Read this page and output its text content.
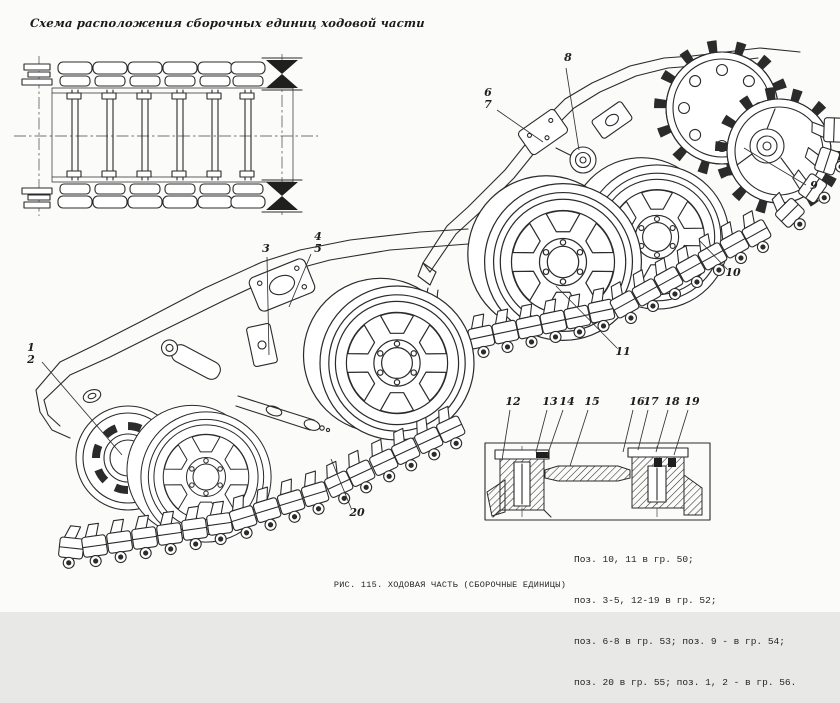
1
2
3
4
5
6
7
8
9
10
11
12 13 14 15	16
17 18 19
20
Схема расположения сборочных единиц ходовой части

Поз. 10, 11 в гр. 50;

поз. 3-5, 12-19 в гр. 52;

поз. 6-8 в гр. 53; поз. 9 - в гр. 54;

поз. 20 в гр. 55; поз. 1, 2 - в гр. 56.

РИС. 115. ХОДОВАЯ ЧАСТЬ (СБОРОЧНЫЕ ЕДИНИЦЫ)
